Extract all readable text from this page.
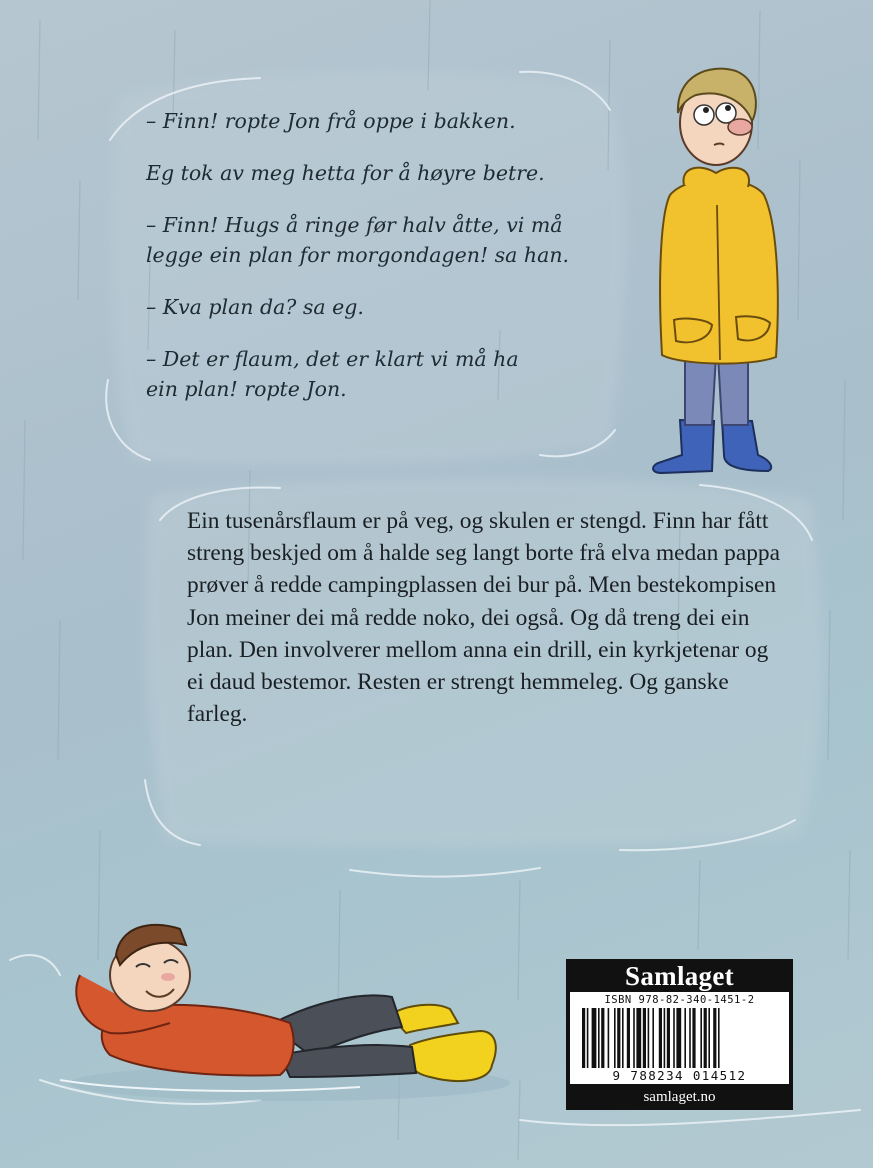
– Finn! ropte Jon frå oppe i bakken.

Eg tok av meg hetta for å høyre betre.

– Finn! Hugs å ringe før halv åtte, vi må legge ein plan for morgondagen! sa han.

– Kva plan da? sa eg.

– Det er flaum, det er klart vi må ha ein plan! ropte Jon.

Ein tusenårsflaum er på veg, og skulen er stengd. Finn har fått streng beskjed om å halde seg langt borte frå elva medan pappa prøver å redde campingplassen dei bur på. Men bestekompisen Jon meiner dei må redde noko, dei også. Og då treng dei ein plan. Den involverer mellom anna ein drill, ein kyrkjetenar og ei daud bestemor. Resten er strengt hemmeleg. Og ganske farleg.
Samlaget
ISBN 978-82-340-1451-2
9 788234 014512
samlaget.no
